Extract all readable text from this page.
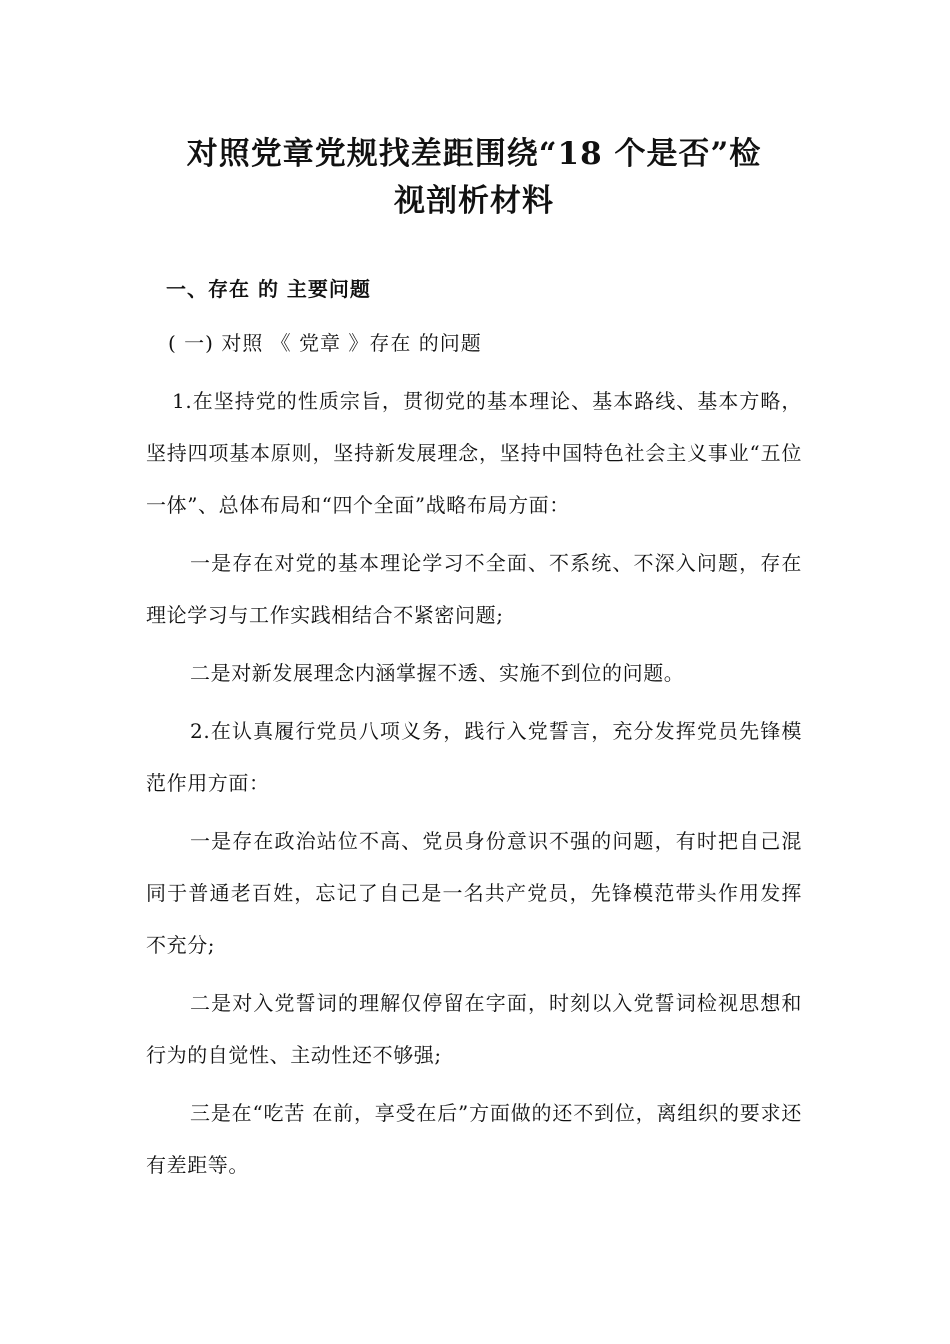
对照党章党规找差距围绕“18 个是否”检
视剖析材料
一、存在 的 主要问题
( 一) 对照 《 党章 》存在 的问题

1.在坚持党的性质宗旨，贯彻党的基本理论、基本路线、基本方略，坚持四项基本原则，坚持新发展理念，坚持中国特色社会主义事业“五位一体”、总体布局和“四个全面”战略布局方面：

一是存在对党的基本理论学习不全面、不系统、不深入问题，存在理论学习与工作实践相结合不紧密问题;

二是对新发展理念内涵掌握不透、实施不到位的问题。

2.在认真履行党员八项义务，践行入党誓言，充分发挥党员先锋模范作用方面：

一是存在政治站位不高、党员身份意识不强的问题，有时把自己混同于普通老百姓，忘记了自己是一名共产党员，先锋模范带头作用发挥不充分;

二是对入党誓词的理解仅停留在字面，时刻以入党誓词检视思想和行为的自觉性、主动性还不够强;

三是在“吃苦 在前，享受在后”方面做的还不到位，离组织的要求还有差距等。
